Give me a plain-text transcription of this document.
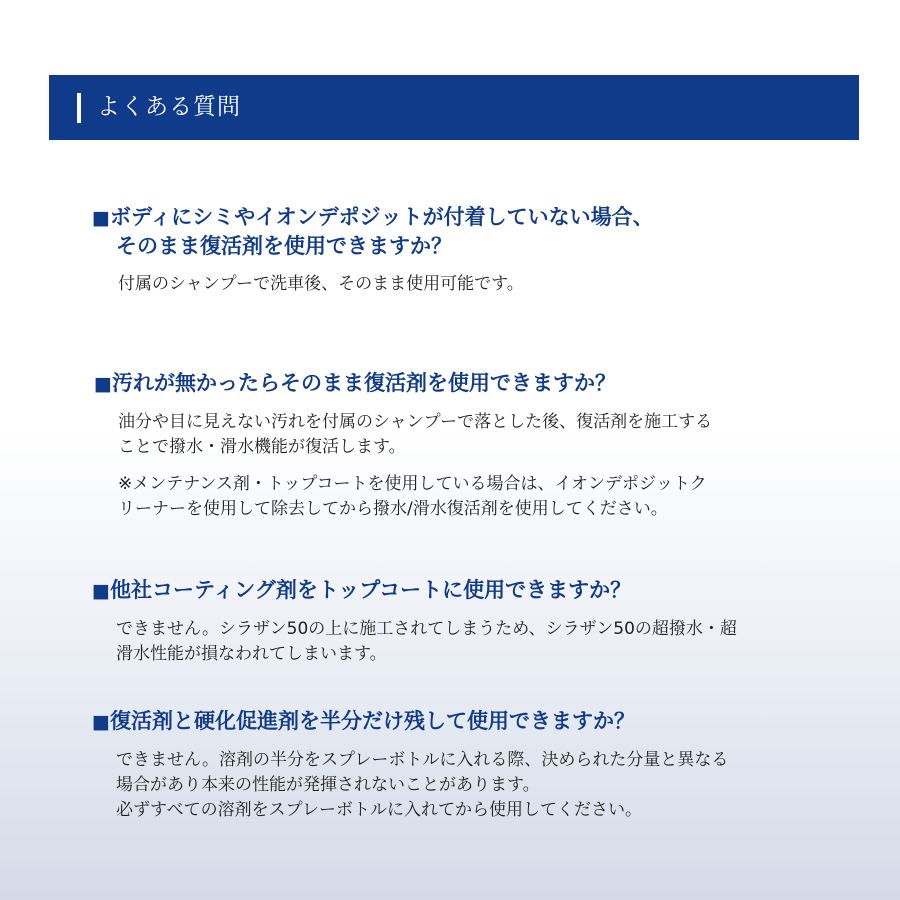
よくある質問
■ボディにシミやイオンデポジットが付着していない場合、
そのまま復活剤を使用できますか？
付属のシャンプーで洗車後、そのまま使用可能です。
■汚れが無かったらそのまま復活剤を使用できますか？
油分や目に見えない汚れを付属のシャンプーで落とした後、復活剤を施工する
ことで撥水・滑水機能が復活します。
※メンテナンス剤・トップコートを使用している場合は、イオンデポジットク
リーナーを使用して除去してから撥水/滑水復活剤を使用してください。
■他社コーティング剤をトップコートに使用できますか？
できません。シラザン50の上に施工されてしまうため、シラザン50の超撥水・超
滑水性能が損なわれてしまいます。
■復活剤と硬化促進剤を半分だけ残して使用できますか？
できません。溶剤の半分をスプレーボトルに入れる際、決められた分量と異なる
場合があり本来の性能が発揮されないことがあります。
必ずすべての溶剤をスプレーボトルに入れてから使用してください。
